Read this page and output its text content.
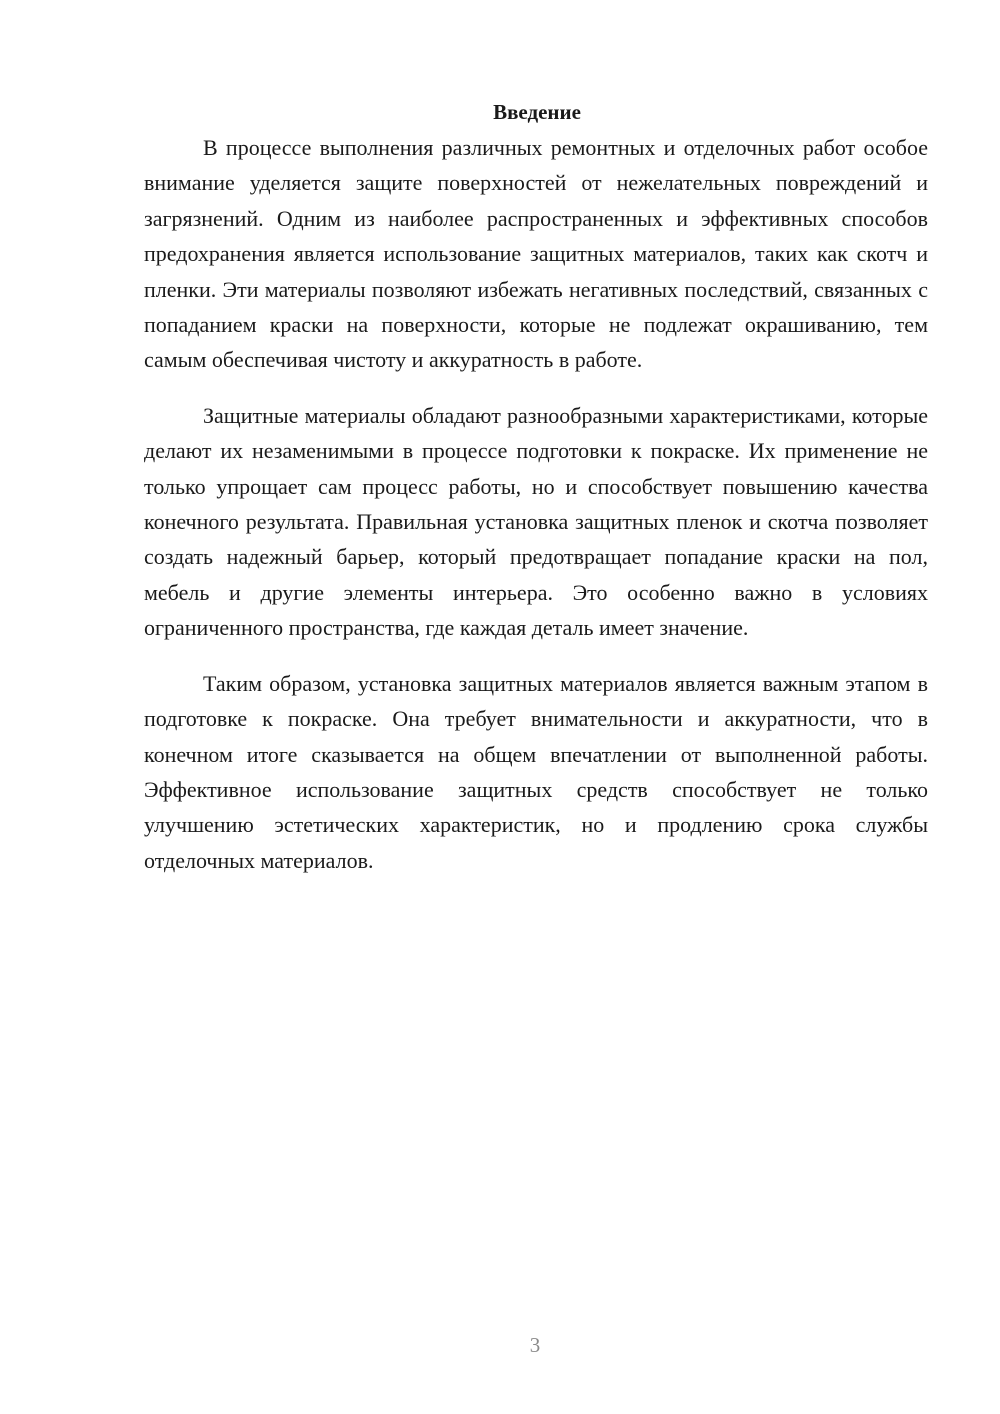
Введение

В процессе выполнения различных ремонтных и отделочных работ особое внимание уделяется защите поверхностей от нежелательных повреждений и загрязнений. Одним из наиболее распространенных и эффективных способов предохранения является использование защитных материалов, таких как скотч и пленки. Эти материалы позволяют избежать негативных последствий, связанных с попаданием краски на поверхности, которые не подлежат окрашиванию, тем самым обеспечивая чистоту и аккуратность в работе.

Защитные материалы обладают разнообразными характеристиками, которые делают их незаменимыми в процессе подготовки к покраске. Их применение не только упрощает сам процесс работы, но и способствует повышению качества конечного результата. Правильная установка защитных пленок и скотча позволяет создать надежный барьер, который предотвращает попадание краски на пол, мебель и другие элементы интерьера. Это особенно важно в условиях ограниченного пространства, где каждая деталь имеет значение.

Таким образом, установка защитных материалов является важным этапом в подготовке к покраске. Она требует внимательности и аккуратности, что в конечном итоге сказывается на общем впечатлении от выполненной работы. Эффективное использование защитных средств способствует не только улучшению эстетических характеристик, но и продлению срока службы отделочных материалов.

3
